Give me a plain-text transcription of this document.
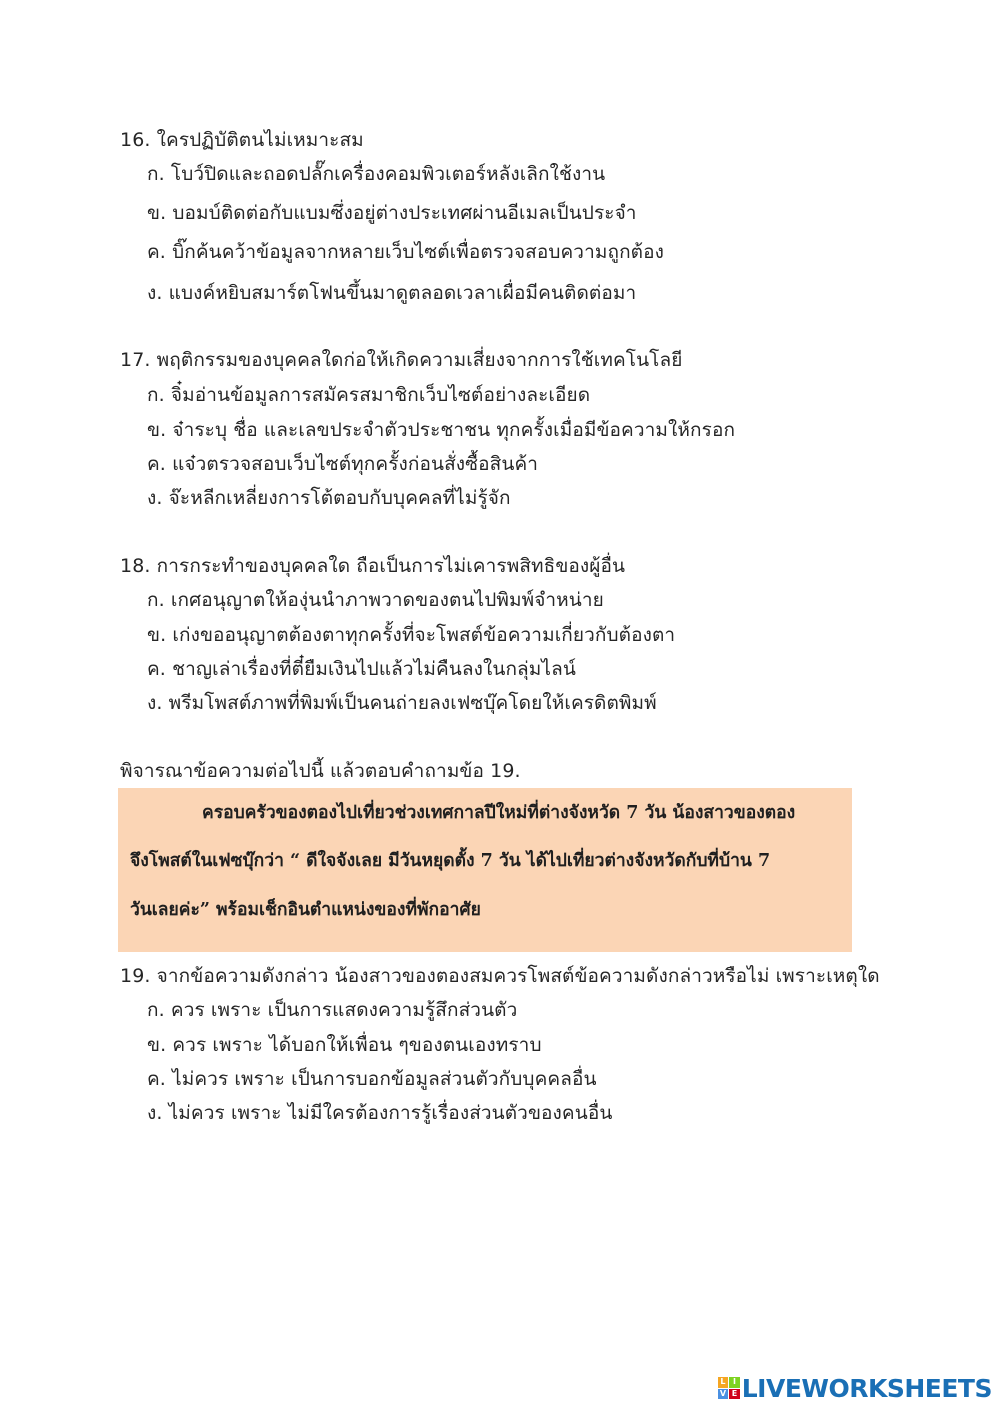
16. ใครปฏิบัติตนไม่เหมาะสม
ก. โบว์ปิดและถอดปลั๊กเครื่องคอมพิวเตอร์หลังเลิกใช้งาน
ข. บอมบ์ติดต่อกับแบมซึ่งอยู่ต่างประเทศผ่านอีเมลเป็นประจำ
ค. บิ๊กค้นคว้าข้อมูลจากหลายเว็บไซต์เพื่อตรวจสอบความถูกต้อง
ง. แบงค์หยิบสมาร์ตโฟนขึ้นมาดูตลอดเวลาเผื่อมีคนติดต่อมา
17. พฤติกรรมของบุคคลใดก่อให้เกิดความเสี่ยงจากการใช้เทคโนโลยี
ก. จิ๋มอ่านข้อมูลการสมัครสมาชิกเว็บไซต์อย่างละเอียด
ข. จ๋าระบุ ชื่อ และเลขประจำตัวประชาชน ทุกครั้งเมื่อมีข้อความให้กรอก
ค. แจ๋วตรวจสอบเว็บไซต์ทุกครั้งก่อนสั่งซื้อสินค้า
ง. จ๊ะหลีกเหลี่ยงการโต้ตอบกับบุคคลที่ไม่รู้จัก
18. การกระทำของบุคคลใด ถือเป็นการไม่เคารพสิทธิของผู้อื่น
ก. เกศอนุญาตให้องุ่นนำภาพวาดของตนไปพิมพ์จำหน่าย
ข. เก่งขออนุญาตต้องตาทุกครั้งที่จะโพสต์ข้อความเกี่ยวกับต้องตา
ค. ชาญเล่าเรื่องที่ตี๋ยืมเงินไปแล้วไม่คืนลงในกลุ่มไลน์
ง. พรีมโพสต์ภาพที่พิมพ์เป็นคนถ่ายลงเฟซบุ๊คโดยให้เครดิตพิมพ์
พิจารณาข้อความต่อไปนี้ แล้วตอบคำถามข้อ 19.
ครอบครัวของตองไปเที่ยวช่วงเทศกาลปีใหม่ที่ต่างจังหวัด 7 วัน น้องสาวของตอง
จึงโพสต์ในเฟซบุ๊กว่า “ ดีใจจังเลย มีวันหยุดตั้ง 7 วัน ได้ไปเที่ยวต่างจังหวัดกับที่บ้าน 7
วันเลยค่ะ” พร้อมเช็กอินตำแหน่งของที่พักอาศัย
19. จากข้อความดังกล่าว น้องสาวของตองสมควรโพสต์ข้อความดังกล่าวหรือไม่ เพราะเหตุใด
ก. ควร เพราะ เป็นการแสดงความรู้สึกส่วนตัว
ข. ควร เพราะ ได้บอกให้เพื่อน ๆของตนเองทราบ
ค. ไม่ควร เพราะ เป็นการบอกข้อมูลส่วนตัวกับบุคคลอื่น
ง. ไม่ควร เพราะ ไม่มีใครต้องการรู้เรื่องส่วนตัวของคนอื่น
L I
V E LIVEWORKSHEETS
